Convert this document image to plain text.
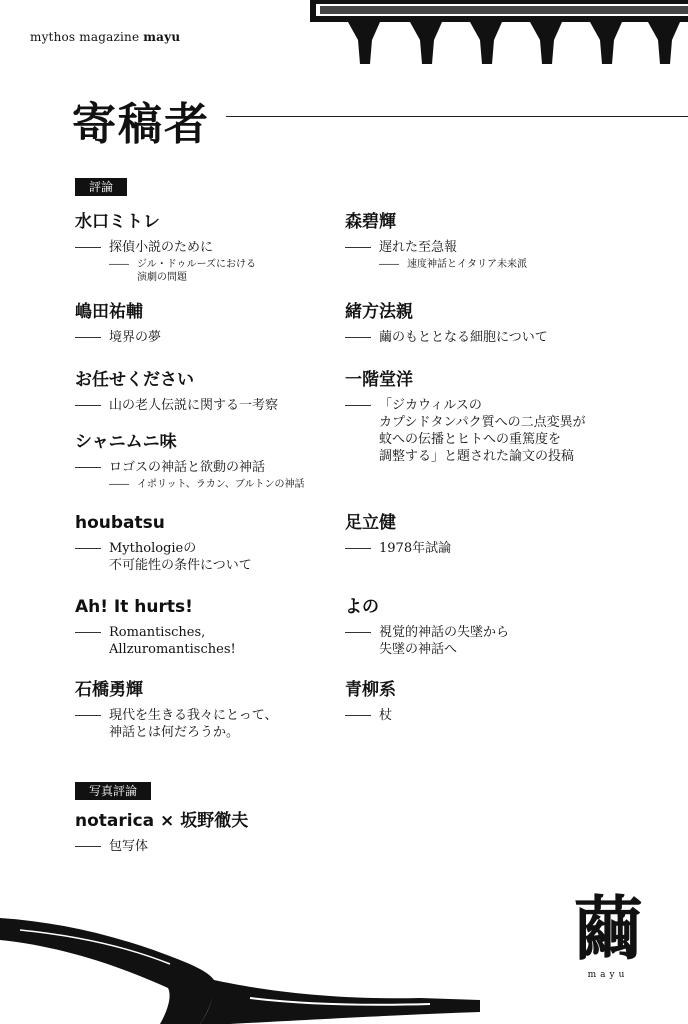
mythos magazine mayu
寄稿者
評論
水口ミトレ
―― 探偵小説のために
―― ジル・ドゥルーズにおける
演劇の問題
森碧輝
―― 遅れた至急報
―― 速度神話とイタリア未来派
嶋田祐輔
―― 境界の夢
緒方法親
―― 繭のもととなる細胞について
お任せください
―― 山の老人伝説に関する一考察
一階堂洋
―― 「ジカウィルスの
カプシドタンパク質への二点変異が
蚊への伝播とヒトへの重篤度を
調整する」と題された論文の投稿
シャニムニ味
―― ロゴスの神話と欲動の神話
―― イポリット、ラカン、ブルトンの神話
houbatsu
―― Mythologieの
不可能性の条件について
足立健
―― 1978年試論
Ah! It hurts!
―― Romantisches,
Allzuromantisches!
よの
―― 視覚的神話の失墜から
失墜の神話へ
石橋勇輝
―― 現代を生きる我々にとって、
神話とは何だろうか。
青柳系
―― 杖
写真評論
notarica × 坂野徹夫
―― 包写体
繭
mayu
